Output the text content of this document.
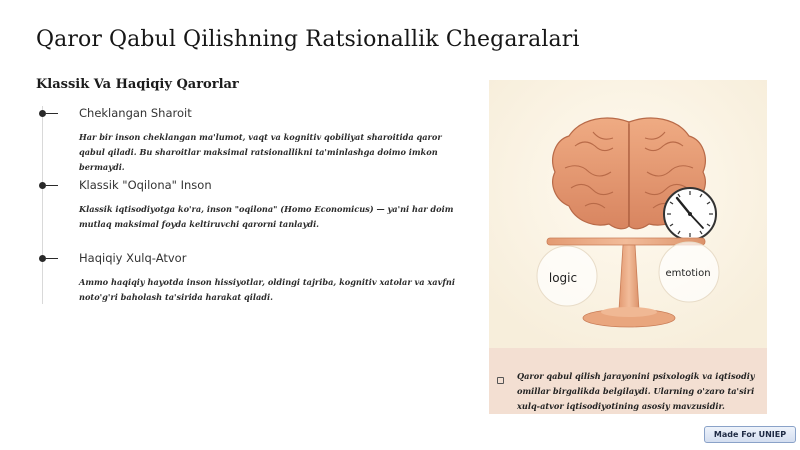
Qaror Qabul Qilishning Ratsionallik Chegaralari
Klassik Va Haqiqiy Qarorlar
Cheklangan Sharoit
Har bir inson cheklangan ma'lumot, vaqt va kognitiv qobiliyat sharoitida qaror qabul qiladi. Bu sharoitlar maksimal ratsionallikni ta'minlashga doimo imkon bermaydi.
Klassik "Oqilona" Inson
Klassik iqtisodiyotga ko'ra, inson "oqilona" (Homo Economicus) — ya'ni har doim mutlaq maksimal foyda keltiruvchi qarorni tanlaydi.
Haqiqiy Xulq-Atvor
Ammo haqiqiy hayotda inson hissiyotlar, oldingi tajriba, kognitiv xatolar va xavfni noto'g'ri baholash ta'sirida harakat qiladi.
logic	emtotion
Qaror qabul qilish jarayonini psixologik va iqtisodiy omillar birgalikda belgilaydi. Ularning o'zaro ta'siri xulq-atvor iqtisodiyotining asosiy mavzusidir.
Made For UNIEP
